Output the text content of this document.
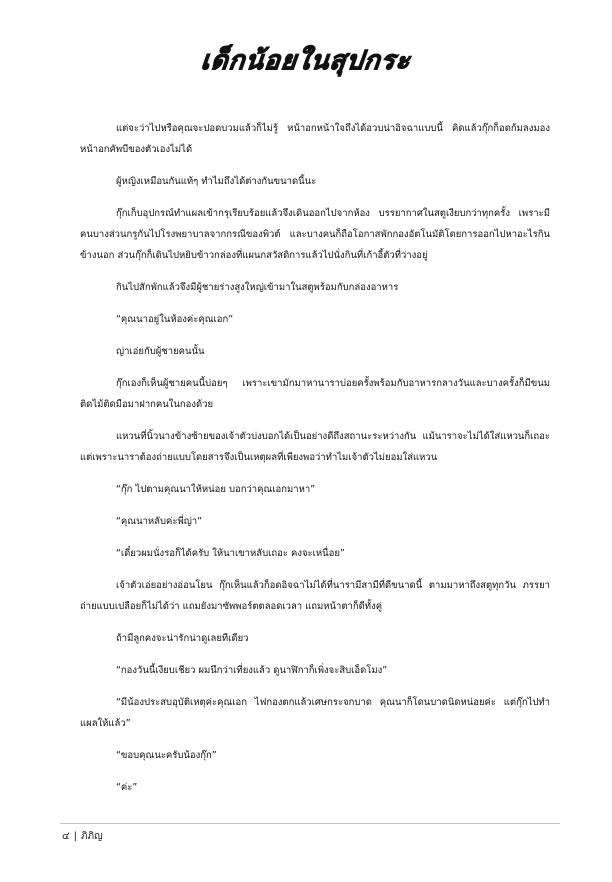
เด็กน้อยในสุปกระ

แต่จะว่าไปหรือคุณจะปอดบวมแล้วก็ไม่รู้ หน้าอกหน้าใจถึงได้อวบน่าอิจฉาแบบนี้ คิดแล้วกุ๊กก็อดก้มลงมองหน้าอกคัพบีของตัวเองไม่ได้

ผู้หญิงเหมือนกันแท้ๆ ทำไมถึงได้ต่างกันขนาดนี้นะ

กุ๊กเก็บอุปกรณ์ทำแผลเข้ากรุเรียบร้อยแล้วจึงเดินออกไปจากห้อง บรรยากาศในสตูเงียบกว่าทุกครั้ง เพราะมีคนบางส่วนกรูกันไปโรงพยาบาลจากกรณีของพิวต์ และบางคนก็ถือโอกาสพักกองอัตโนมัติโดยการออกไปหาอะไรกินข้างนอก ส่วนกุ๊กก็เดินไปหยิบข้าวกล่องที่แผนกสวัสดิการแล้วไปนั่งกินที่เก้าอี้ตัวที่ว่างอยู่

กินไปสักพักแล้วจึงมีผู้ชายร่างสูงใหญ่เข้ามาในสตูพร้อมกับกล่องอาหาร

“คุณนาอยู่ในห้องค่ะคุณเอก”

ญ่าเอ่ยกับผู้ชายคนนั้น

กุ๊กเองก็เห็นผู้ชายคนนี้บ่อยๆ เพราะเขามักมาหานาราบ่อยครั้งพร้อมกับอาหารกลางวันและบางครั้งก็มีขนมติดไม้ติดมือมาฝากคนในกองด้วย

แหวนที่นิ้วนางข้างซ้ายของเจ้าตัวบ่งบอกได้เป็นอย่างดีถึงสถานะระหว่างกัน แม้นาราจะไม่ได้ใส่แหวนก็เถอะ แต่เพราะนาราต้องถ่ายแบบโดยสารจึงเป็นเหตุผลที่เพียงพอว่าทำไมเจ้าตัวไม่ยอมใส่แหวน

“กุ๊ก ไปตามคุณนาให้หน่อย บอกว่าคุณเอกมาหา”

“คุณนาหลับค่ะพี่ญ่า”

“เดี๋ยวผมนั่งรอก็ได้ครับ ให้นาเขาหลับเถอะ คงจะเหนื่อย”

เจ้าตัวเอ่ยอย่างอ่อนโยน กุ๊กเห็นแล้วก็อดอิจฉาไม่ได้ที่นารามีสามีที่ดีขนาดนี้ ตามมาหาถึงสตูทุกวัน ภรรยาถ่ายแบบเปลือยก็ไม่ได้ว่า แถมยังมาซัพพอร์ตตลอดเวลา แถมหน้าตาก็ดีทั้งคู่

ถ้ามีลูกคงจะน่ารักน่าดูเลยทีเดียว

“กองวันนี้เงียบเชียว ผมนึกว่าเที่ยงแล้ว ดูนาฬิกาก็เพิ่งจะสิบเอ็ดโมง”

“มีน้องประสบอุบัติเหตุค่ะคุณเอก ไฟกองตกแล้วเศษกระจกบาด คุณนาก็โดนบาดนิดหน่อยค่ะ แต่กุ๊กไปทำแผลให้แล้ว”

“ขอบคุณนะครับน้องกุ๊ก”

“ค่ะ”

๔ | ภิภิญ
